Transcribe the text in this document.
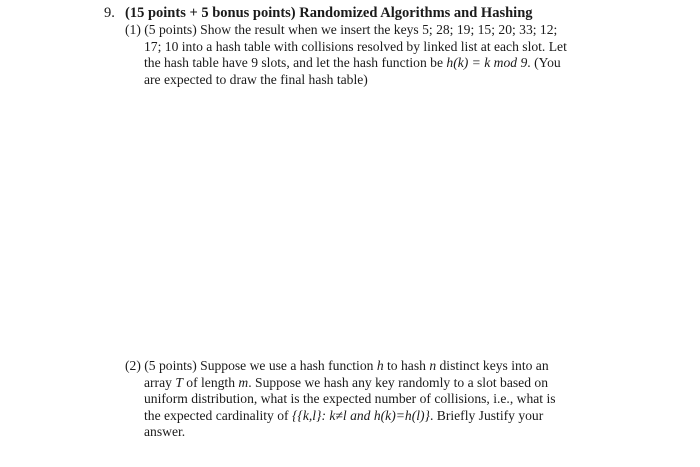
9. (15 points + 5 bonus points) Randomized Algorithms and Hashing

(1) (5 points) Show the result when we insert the keys 5; 28; 19; 15; 20; 33; 12;
17; 10 into a hash table with collisions resolved by linked list at each slot. Let
the hash table have 9 slots, and let the hash function be h(k) = k mod 9. (You
are expected to draw the final hash table)
(2) (5 points) Suppose we use a hash function h to hash n distinct keys into an
array T of length m. Suppose we hash any key randomly to a slot based on
uniform distribution, what is the expected number of collisions, i.e., what is
the expected cardinality of {{k,l}: k≠l and h(k)=h(l)}. Briefly Justify your
answer.
